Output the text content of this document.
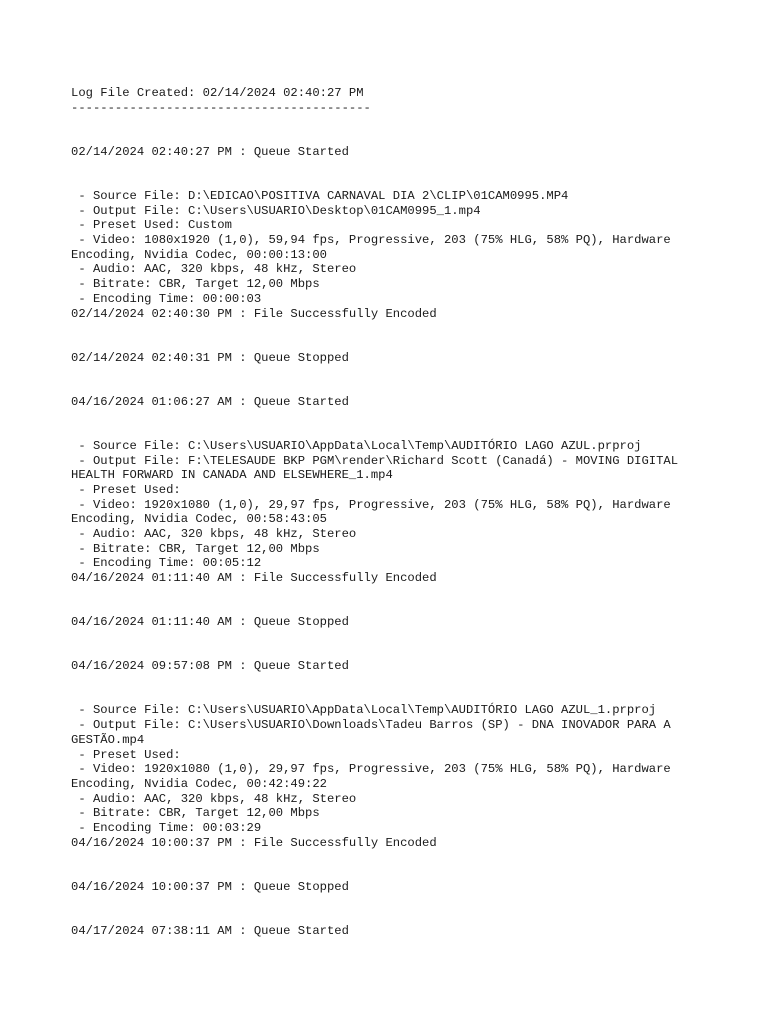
Log File Created: 02/14/2024 02:40:27 PM
-----------------------------------------
02/14/2024 02:40:27 PM : Queue Started
- Source File: D:\EDICAO\POSITIVA CARNAVAL DIA 2\CLIP\01CAM0995.MP4
- Output File: C:\Users\USUARIO\Desktop\01CAM0995_1.mp4
- Preset Used: Custom
- Video: 1080x1920 (1,0), 59,94 fps, Progressive, 203 (75% HLG, 58% PQ), Hardware
Encoding, Nvidia Codec, 00:00:13:00
- Audio: AAC, 320 kbps, 48 kHz, Stereo
- Bitrate: CBR, Target 12,00 Mbps
- Encoding Time: 00:00:03
02/14/2024 02:40:30 PM : File Successfully Encoded
02/14/2024 02:40:31 PM : Queue Stopped
04/16/2024 01:06:27 AM : Queue Started
- Source File: C:\Users\USUARIO\AppData\Local\Temp\AUDITÓRIO LAGO AZUL.prproj
- Output File: F:\TELESAUDE BKP PGM\render\Richard Scott (Canadá) - MOVING DIGITAL
HEALTH FORWARD IN CANADA AND ELSEWHERE_1.mp4
- Preset Used:
- Video: 1920x1080 (1,0), 29,97 fps, Progressive, 203 (75% HLG, 58% PQ), Hardware
Encoding, Nvidia Codec, 00:58:43:05
- Audio: AAC, 320 kbps, 48 kHz, Stereo
- Bitrate: CBR, Target 12,00 Mbps
- Encoding Time: 00:05:12
04/16/2024 01:11:40 AM : File Successfully Encoded
04/16/2024 01:11:40 AM : Queue Stopped
04/16/2024 09:57:08 PM : Queue Started
- Source File: C:\Users\USUARIO\AppData\Local\Temp\AUDITÓRIO LAGO AZUL_1.prproj
- Output File: C:\Users\USUARIO\Downloads\Tadeu Barros (SP) - DNA INOVADOR PARA A
GESTÃO.mp4
- Preset Used:
- Video: 1920x1080 (1,0), 29,97 fps, Progressive, 203 (75% HLG, 58% PQ), Hardware
Encoding, Nvidia Codec, 00:42:49:22
- Audio: AAC, 320 kbps, 48 kHz, Stereo
- Bitrate: CBR, Target 12,00 Mbps
- Encoding Time: 00:03:29
04/16/2024 10:00:37 PM : File Successfully Encoded
04/16/2024 10:00:37 PM : Queue Stopped
04/17/2024 07:38:11 AM : Queue Started
